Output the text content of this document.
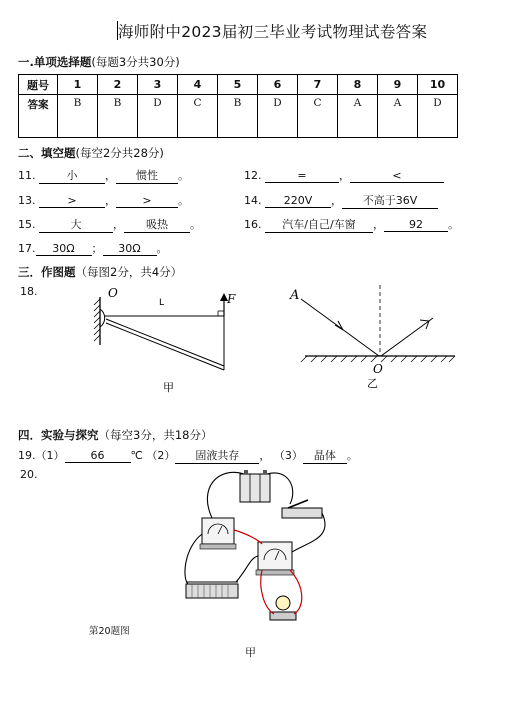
海师附中2023届初三毕业考试物理试卷答案
一.单项选择题(每题3分共30分)
题号	1	2	3	4	5	6	7	8	9	10
答案	B	B	D	C	B	D	C	A	A	D
二、填空题(每空2分共28分)
11.	小	， 惯性 。	12.	=	，	<
13.	>	， > 。	14. 220V ， 不高于36V
15.	大	， 吸热 。	16. 汽车/自己/车窗 ， 92 。
17. 30Ω ； 30Ω 。
三．作图题（每图2分，共4分）
18.	O
L	F
甲
A
O
乙
四．实验与探究（每空3分，共18分）
19.（1） 66 ℃ （2） 固液共存 ， （3） 晶体 。
20.
第20题图
甲
